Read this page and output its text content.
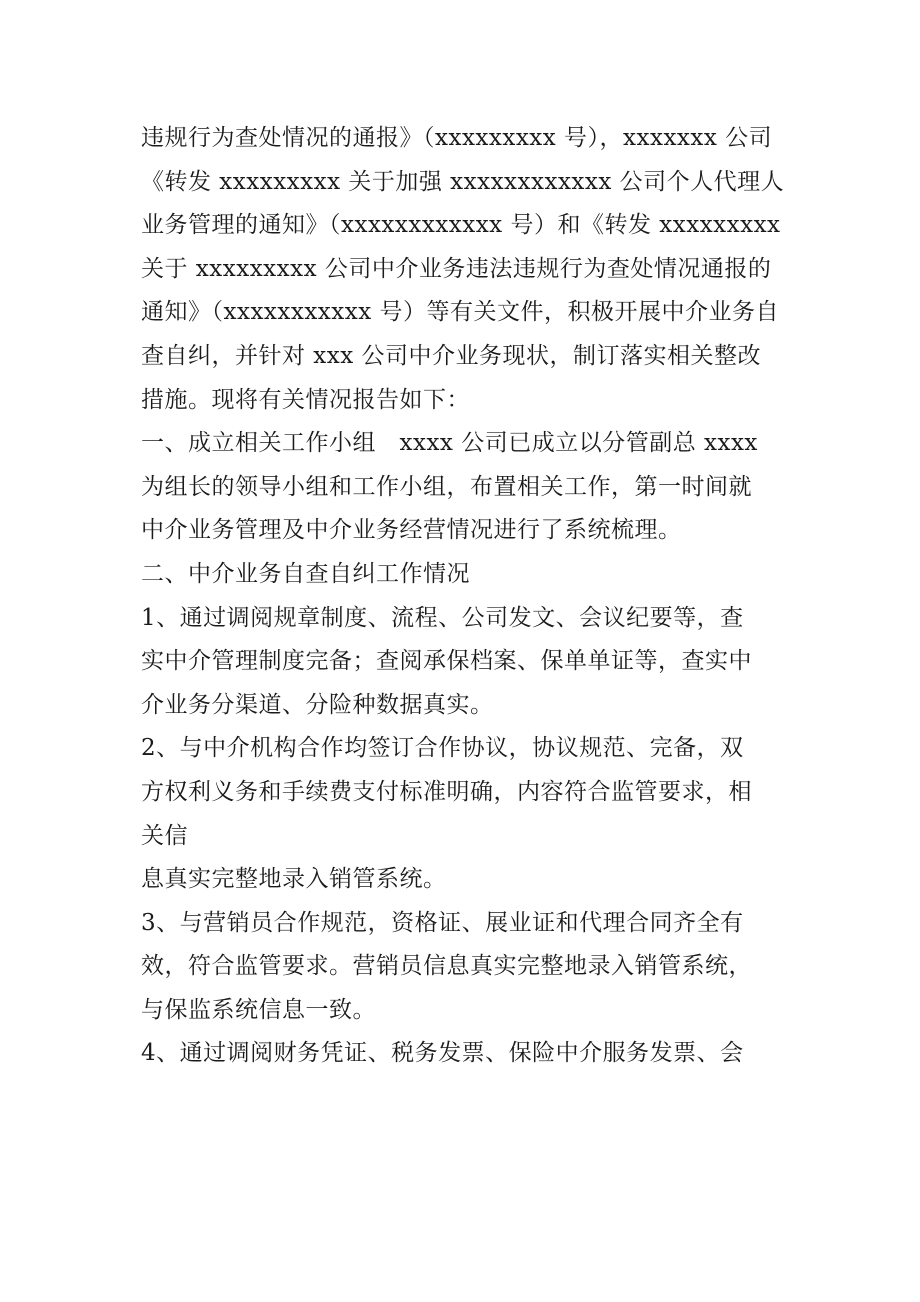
违规行为查处情况的通报》（xxxxxxxxx 号），xxxxxxx 公司
《转发 xxxxxxxxx 关于加强 xxxxxxxxxxxx 公司个人代理人
业务管理的通知》（xxxxxxxxxxxx 号）和《转发 xxxxxxxxx
关于 xxxxxxxxx 公司中介业务违法违规行为查处情况通报的
通知》（xxxxxxxxxxx 号）等有关文件，积极开展中介业务自
查自纠，并针对 xxx 公司中介业务现状，制订落实相关整改
措施。现将有关情况报告如下：
一、成立相关工作小组　xxxx 公司已成立以分管副总 xxxx
为组长的领导小组和工作小组，布置相关工作，第一时间就
中介业务管理及中介业务经营情况进行了系统梳理。
二、中介业务自查自纠工作情况
1、通过调阅规章制度、流程、公司发文、会议纪要等，查
实中介管理制度完备；查阅承保档案、保单单证等，查实中
介业务分渠道、分险种数据真实。
2、与中介机构合作均签订合作协议，协议规范、完备，双
方权利义务和手续费支付标准明确，内容符合监管要求，相
关信
息真实完整地录入销管系统。
3、与营销员合作规范，资格证、展业证和代理合同齐全有
效，符合监管要求。营销员信息真实完整地录入销管系统，
与保监系统信息一致。
4、通过调阅财务凭证、税务发票、保险中介服务发票、会
